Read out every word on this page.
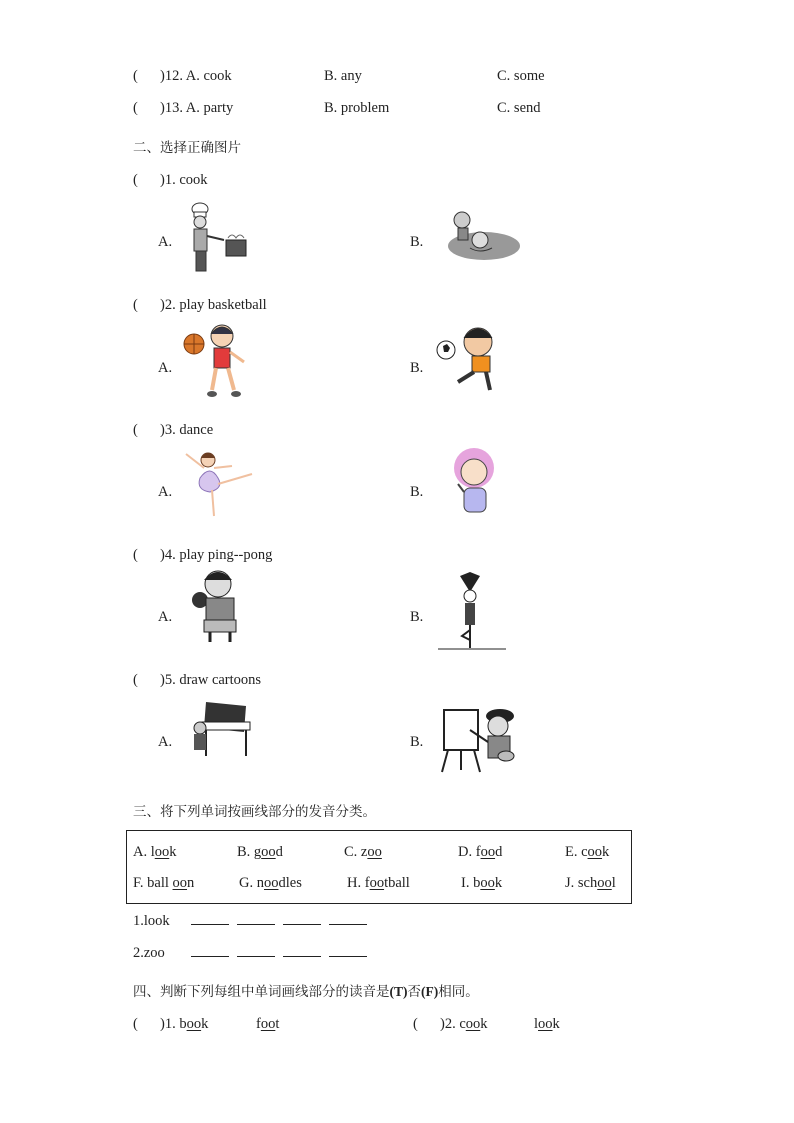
( )12. A. cook	B. any	C. some
( )13. A. party	B. problem	C. send
二、选择正确图片
( )1. cook
A.	B.
( )2. play basketball
A.	B.
( )3. dance
A.	B.
( )4. play ping--pong
A.	B.
( )5. draw cartoons
A.	B.
三、将下列单词按画线部分的发音分类。
A. look	B. good	C. zoo	D. food	E. cook
F. ball oon	G. noodles	H. football	I. book	J. school
1.look
2.zoo
四、判断下列每组中单词画线部分的读音是(T)否(F)相同。
( )1. book	foot	( )2. cook	look
